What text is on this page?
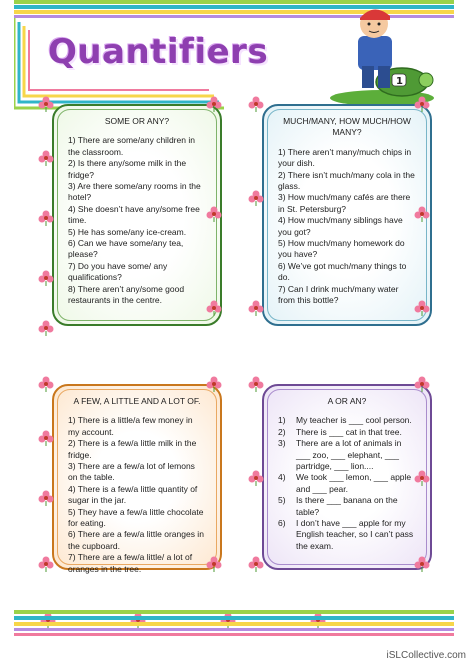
Quantifiers
1
SOME OR ANY?
1) There are some/any children in the classroom.
2) Is there any/some milk in the fridge?
3) Are there some/any rooms in the hotel?
4) She doesn’t have any/some free time.
5) He has some/any ice-cream.
6) Can we have some/any tea, please?
7) Do you have some/ any qualifications?
8) There aren’t any/some good restaurants in the centre.
MUCH/MANY, HOW MUCH/HOW MANY?
1) There aren’t many/much chips in your dish.
2) There isn’t much/many cola in the glass.
3) How much/many cafés are there in St. Petersburg?
4) How much/many siblings have you got?
5) How much/many homework do you have?
6) We’ve got much/many things to do.
7) Can I drink much/many water from this bottle?
A FEW, A LITTLE AND A LOT OF.
1) There is a little/a few money in my account.
2) There is a few/a little milk in the fridge.
3) There are a few/a lot of lemons on the table.
4) There is a few/a little quantity of sugar in the jar.
5) They have a few/a little chocolate for eating.
6) There are a few/a little oranges in the cupboard.
7) There are a few/a little/ a lot of oranges in the tree.
A OR AN?
1)	My teacher is ___ cool person.
2)	There is ___ cat in that tree.
3)	There are a lot of animals in ___ zoo, ___ elephant, ___ partridge, ___ lion....
4)	We took ___ lemon, ___ apple and ___ pear.
5)	Is there ___ banana on the table?
6)	I don’t have ___ apple for my English teacher, so I can’t pass the exam.
iSLCollective.com
